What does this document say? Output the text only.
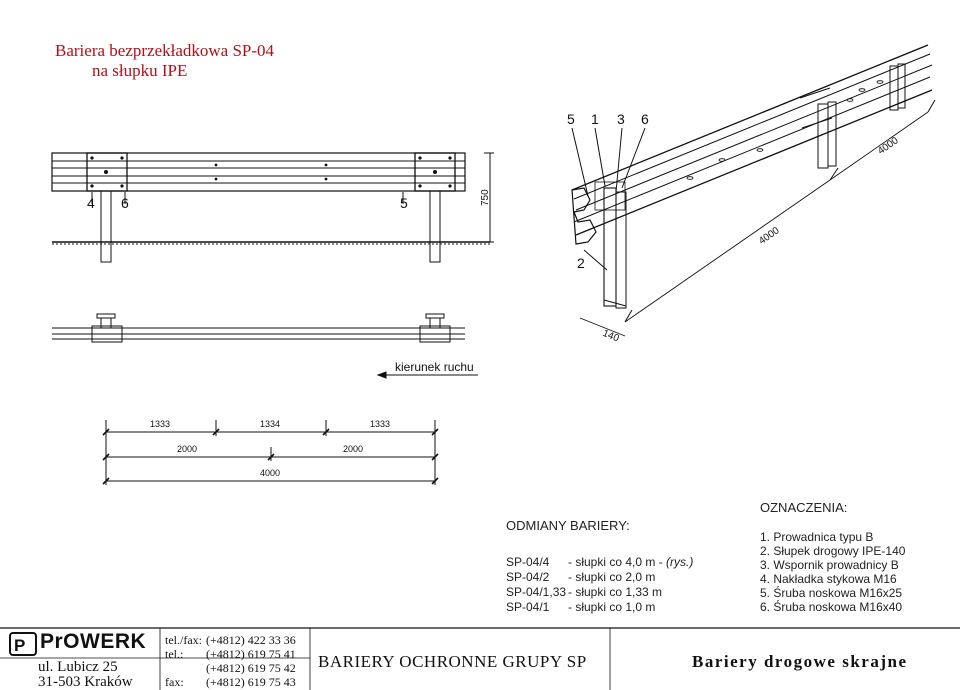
Bariera bezprzekładkowa SP-04
na słupku IPE
P
5 1 3 6
4 6	5
2
750
4000
4000
140
kierunek ruchu
1333	1334	1333
2000	2000
4000
ODMIANY BARIERY:
SP-04/4 - słupki co 4,0 m - (rys.)
SP-04/2 - słupki co 2,0 m
SP-04/1,33 - słupki co 1,33 m
SP-04/1 - słupki co 1,0 m
OZNACZENIA:
1. Prowadnica typu B
2. Słupek drogowy IPE-140
3. Wspornik prowadnicy B
4. Nakładka stykowa M16
5. Śruba noskowa M16x25
6. Śruba noskowa M16x40
PrOWERK
ul. Lubicz 25
31-503 Kraków
tel./fax: (+4812) 422 33 36
tel.: (+4812) 619 75 41
(+4812) 619 75 42
fax: (+4812) 619 75 43
BARIERY OCHRONNE GRUPY SP	Bariery drogowe skrajne
